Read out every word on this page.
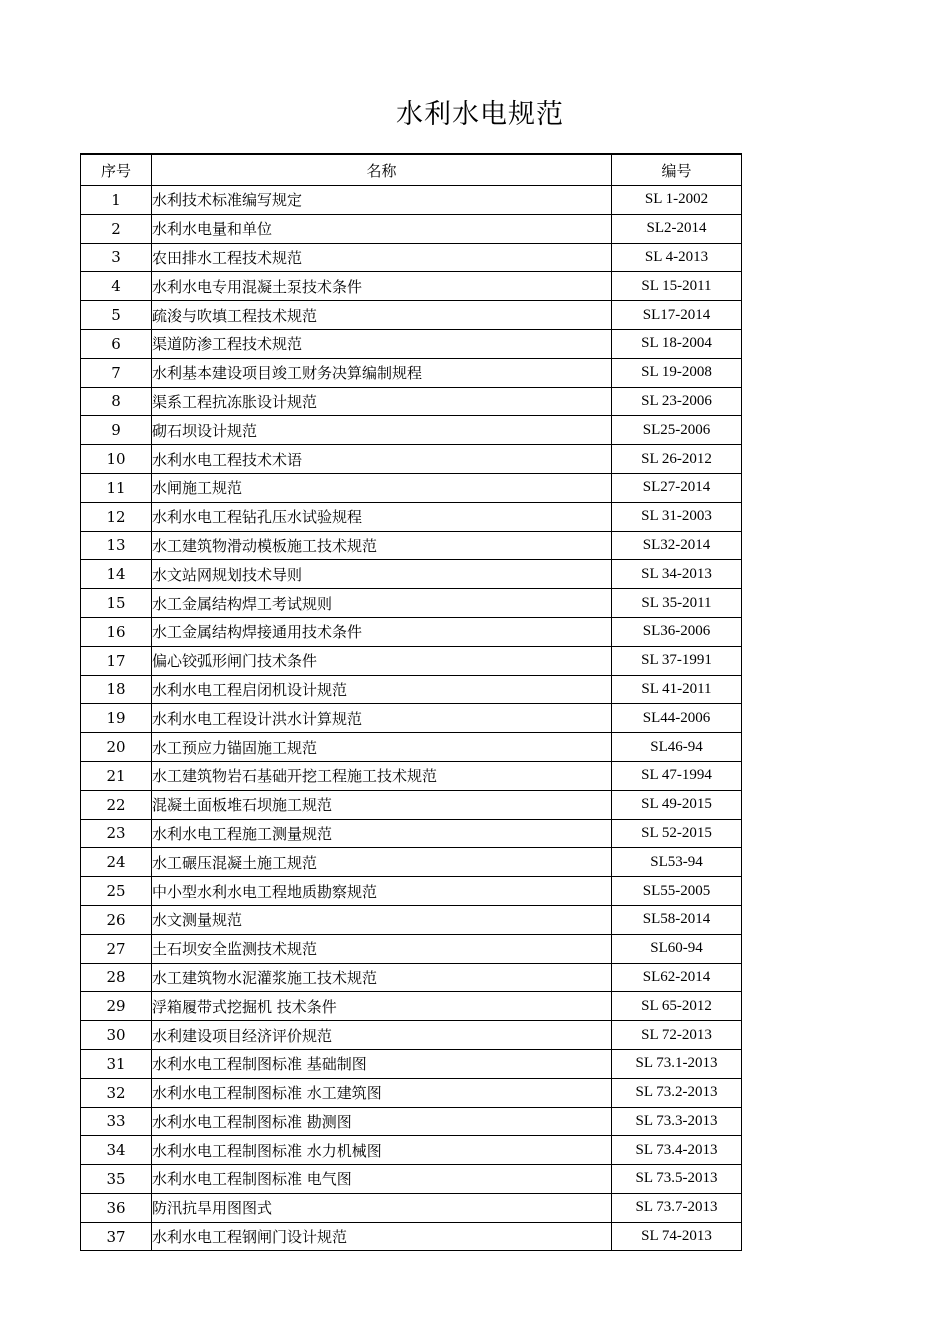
水利水电规范
序号	名称	编号
1	水利技术标准编写规定	SL 1-2002
2	水利水电量和单位	SL2-2014
3	农田排水工程技术规范	SL 4-2013
4	水利水电专用混凝土泵技术条件	SL 15-2011
5	疏浚与吹填工程技术规范	SL17-2014
6	渠道防渗工程技术规范	SL 18-2004
7	水利基本建设项目竣工财务决算编制规程	SL 19-2008
8	渠系工程抗冻胀设计规范	SL 23-2006
9	砌石坝设计规范	SL25-2006
10	水利水电工程技术术语	SL 26-2012
11	水闸施工规范	SL27-2014
12	水利水电工程钻孔压水试验规程	SL 31-2003
13	水工建筑物滑动模板施工技术规范	SL32-2014
14	水文站网规划技术导则	SL 34-2013
15	水工金属结构焊工考试规则	SL 35-2011
16	水工金属结构焊接通用技术条件	SL36-2006
17	偏心铰弧形闸门技术条件	SL 37-1991
18	水利水电工程启闭机设计规范	SL 41-2011
19	水利水电工程设计洪水计算规范	SL44-2006
20	水工预应力锚固施工规范	SL46-94
21	水工建筑物岩石基础开挖工程施工技术规范	SL 47-1994
22	混凝土面板堆石坝施工规范	SL 49-2015
23	水利水电工程施工测量规范	SL 52-2015
24	水工碾压混凝土施工规范	SL53-94
25	中小型水利水电工程地质勘察规范	SL55-2005
26	水文测量规范	SL58-2014
27	土石坝安全监测技术规范	SL60-94
28	水工建筑物水泥灌浆施工技术规范	SL62-2014
29	浮箱履带式挖掘机 技术条件	SL 65-2012
30	水利建设项目经济评价规范	SL 72-2013
31	水利水电工程制图标准 基础制图	SL 73.1-2013
32	水利水电工程制图标准 水工建筑图	SL 73.2-2013
33	水利水电工程制图标准 勘测图	SL 73.3-2013
34	水利水电工程制图标准 水力机械图	SL 73.4-2013
35	水利水电工程制图标准 电气图	SL 73.5-2013
36	防汛抗旱用图图式	SL 73.7-2013
37	水利水电工程钢闸门设计规范	SL 74-2013
